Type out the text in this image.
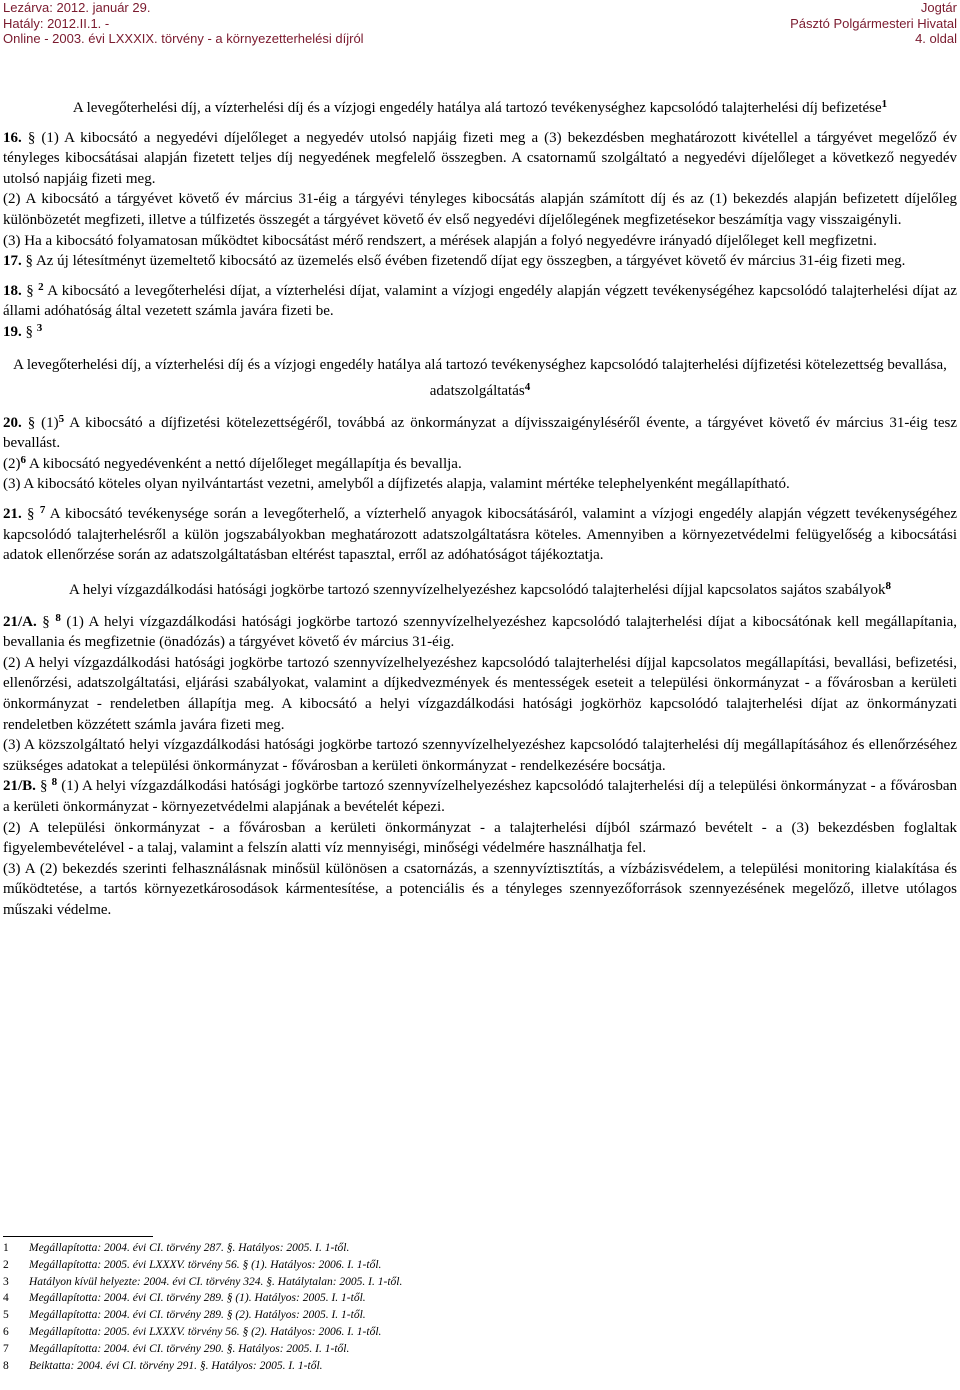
Lezárva: 2012. január 29.
Hatály: 2012.II.1. -
Online - 2003. évi LXXXIX. törvény - a környezetterhelési díjról
Jogtár
Pásztó Polgármesteri Hivatal
4. oldal

A levegőterhelési díj, a vízterhelési díj és a vízjogi engedély hatálya alá tartozó tevékenységhez kapcsolódó talajterhelési díj befizetése$^1$

16. § (1) A kibocsátó a negyedévi díjelőleget a negyedév utolsó napjáig fizeti meg a (3) bekezdésben meghatározott kivétellel a tárgyévet megelőző év tényleges kibocsátásai alapján fizetett teljes díj negyedének megfelelő összegben. A csatornamű szolgáltató a negyedévi díjelőleget a következő negyedév utolsó napjáig fizeti meg.

(2) A kibocsátó a tárgyévet követő év március 31-éig a tárgyévi tényleges kibocsátás alapján számított díj és az (1) bekezdés alapján befizetett díjelőleg különbözetét megfizeti, illetve a túlfizetés összegét a tárgyévet követő év első negyedévi díjelőlegének megfizetésekor beszámítja vagy visszaigényli.

(3) Ha a kibocsátó folyamatosan működtet kibocsátást mérő rendszert, a mérések alapján a folyó negyedévre irányadó díjelőleget kell megfizetni.

17. § Az új létesítményt üzemeltető kibocsátó az üzemelés első évében fizetendő díjat egy összegben, a tárgyévet követő év március 31-éig fizeti meg.

18. § $^2$ A kibocsátó a levegőterhelési díjat, a vízterhelési díjat, valamint a vízjogi engedély alapján végzett tevékenységéhez kapcsolódó talajterhelési díjat az állami adóhatóság által vezetett számla javára fizeti be.

19. § $^3$

A levegőterhelési díj, a vízterhelési díj és a vízjogi engedély hatálya alá tartozó tevékenységhez kapcsolódó talajterhelési díjfizetési kötelezettség bevallása, adatszolgáltatás$^4$

20. § $(1)^5$ A kibocsátó a díjfizetési kötelezettségéről, továbbá az önkormányzat a díjvisszaigényléséről évente, a tárgyévet követő év március 31-éig tesz bevallást.

$(2)^6$ A kibocsátó negyedévenként a nettó díjelőleget megállapítja és bevallja.

(3) A kibocsátó köteles olyan nyilvántartást vezetni, amelyből a díjfizetés alapja, valamint mértéke telephelyenként megállapítható.

21. § $^7$ A kibocsátó tevékenysége során a levegőterhelő, a vízterhelő anyagok kibocsátásáról, valamint a vízjogi engedély alapján végzett tevékenységéhez kapcsolódó talajterhelésről a külön jogszabályokban meghatározott adatszolgáltatásra köteles. Amennyiben a környezetvédelmi felügyelőség a kibocsátási adatok ellenőrzése során az adatszolgáltatásban eltérést tapasztal, erről az adóhatóságot tájékoztatja.

A helyi vízgazdálkodási hatósági jogkörbe tartozó szennyvízelhelyezéshez kapcsolódó talajterhelési díjjal kapcsolatos sajátos szabályok$^8$

21/A. § $^8$ (1) A helyi vízgazdálkodási hatósági jogkörbe tartozó szennyvízelhelyezéshez kapcsolódó talajterhelési díjat a kibocsátónak kell megállapítania, bevallania és megfizetnie (önadózás) a tárgyévet követő év március 31-éig.

(2) A helyi vízgazdálkodási hatósági jogkörbe tartozó szennyvízelhelyezéshez kapcsolódó talajterhelési díjjal kapcsolatos megállapítási, bevallási, befizetési, ellenőrzési, adatszolgáltatási, eljárási szabályokat, valamint a díjkedvezmények és mentességek eseteit a települési önkormányzat - a fővárosban a kerületi önkormányzat - rendeletben állapítja meg. A kibocsátó a helyi vízgazdálkodási hatósági jogkörhöz kapcsolódó talajterhelési díjat az önkormányzati rendeletben közzétett számla javára fizeti meg.

(3) A közszolgáltató helyi vízgazdálkodási hatósági jogkörbe tartozó szennyvízelhelyezéshez kapcsolódó talajterhelési díj megállapításához és ellenőrzéséhez szükséges adatokat a települési önkormányzat - fővárosban a kerületi önkormányzat - rendelkezésére bocsátja.

21/B. § $^8$ (1) A helyi vízgazdálkodási hatósági jogkörbe tartozó szennyvízelhelyezéshez kapcsolódó talajterhelési díj a települési önkormányzat - a fővárosban a kerületi önkormányzat - környezetvédelmi alapjának a bevételét képezi.

(2) A települési önkormányzat - a fővárosban a kerületi önkormányzat - a talajterhelési díjból származó bevételt - a (3) bekezdésben foglaltak figyelembevételével - a talaj, valamint a felszín alatti víz mennyiségi, minőségi védelmére használhatja fel.

(3) A (2) bekezdés szerinti felhasználásnak minősül különösen a csatornázás, a szennyvíztisztítás, a vízbázisvédelem, a települési monitoring kialakítása és működtetése, a tartós környezetkárosodások kármentesítése, a potenciális és a tényleges szennyezőforrások szennyezésének megelőző, illetve utólagos műszaki védelme.

1 Megállapította: 2004. évi CI. törvény 287. §. Hatályos: 2005. I. 1-től.
2 Megállapította: 2005. évi LXXXV. törvény 56. § (1). Hatályos: 2006. I. 1-től.
3 Hatályon kívül helyezte: 2004. évi CI. törvény 324. §. Hatálytalan: 2005. I. 1-től.
4 Megállapította: 2004. évi CI. törvény 289. § (1). Hatályos: 2005. I. 1-től.
5 Megállapította: 2004. évi CI. törvény 289. § (2). Hatályos: 2005. I. 1-től.
6 Megállapította: 2005. évi LXXXV. törvény 56. § (2). Hatályos: 2006. I. 1-től.
7 Megállapította: 2004. évi CI. törvény 290. §. Hatályos: 2005. I. 1-től.
8 Beiktatta: 2004. évi CI. törvény 291. §. Hatályos: 2005. I. 1-től.
